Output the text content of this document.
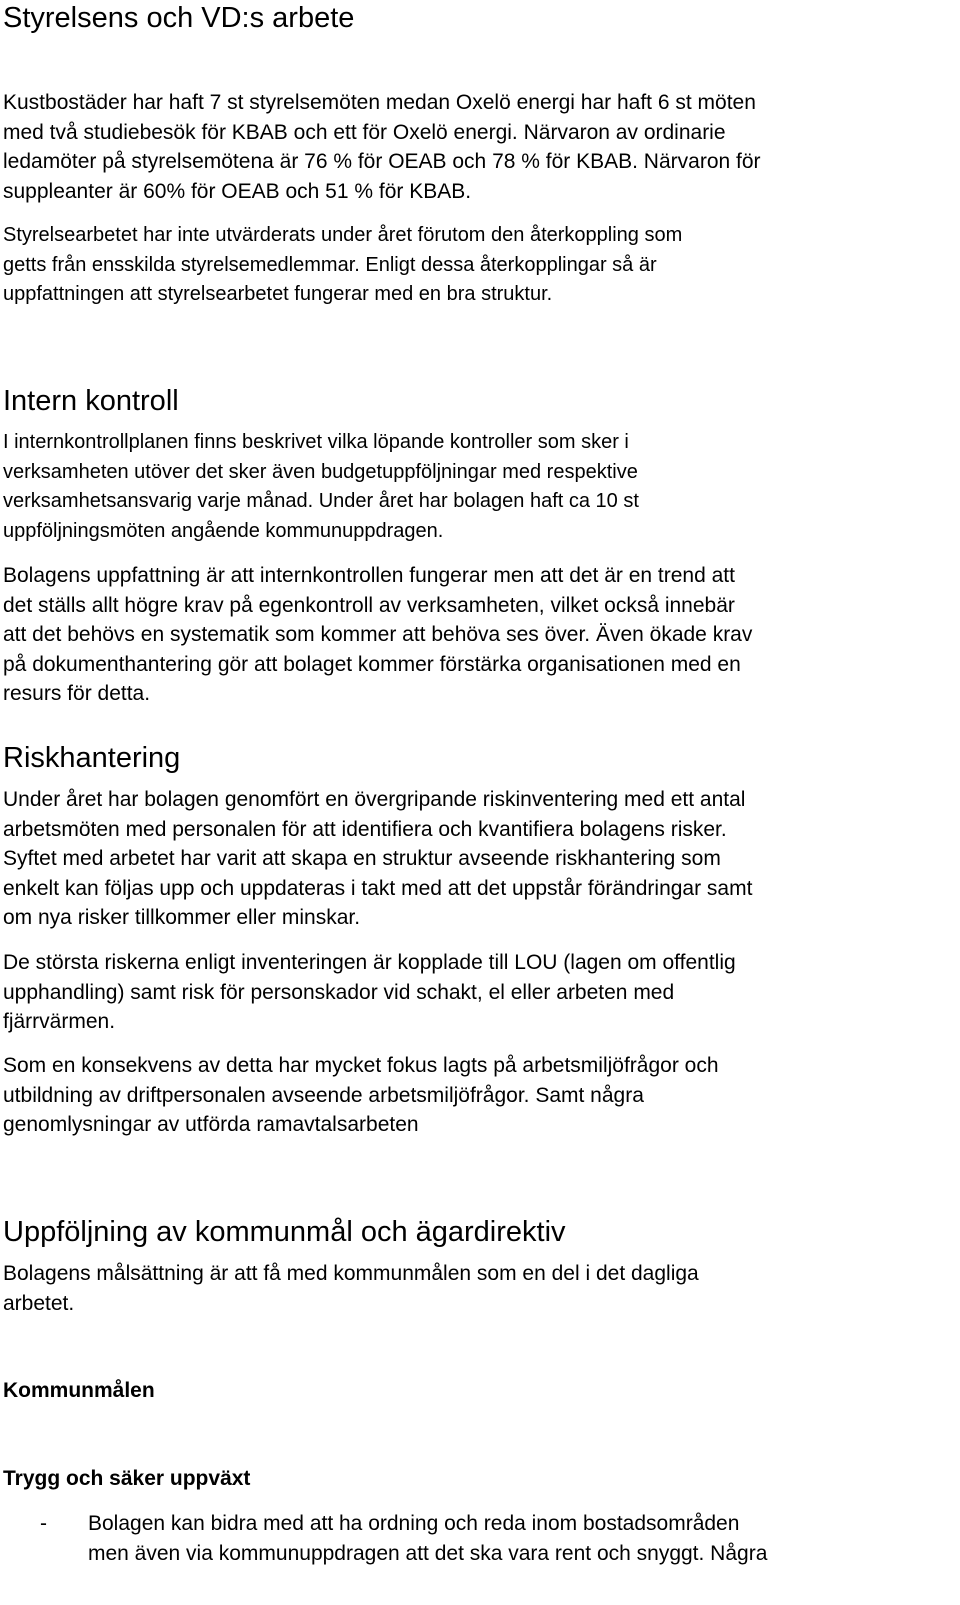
Styrelsens och VD:s arbete
Kustbostäder har haft 7 st styrelsemöten medan Oxelö energi har haft 6 st möten
med två studiebesök för KBAB och ett för Oxelö energi. Närvaron av ordinarie
ledamöter på styrelsemötena är 76 % för OEAB och 78 % för KBAB. Närvaron för
suppleanter är 60% för OEAB och 51 % för KBAB.
Styrelsearbetet har inte utvärderats under året förutom den återkoppling som
getts från ensskilda styrelsemedlemmar. Enligt dessa återkopplingar så är
uppfattningen att styrelsearbetet fungerar med en bra struktur.
Intern kontroll
I internkontrollplanen finns beskrivet vilka löpande kontroller som sker i
verksamheten utöver det sker även budgetuppföljningar med respektive
verksamhetsansvarig varje månad. Under året har bolagen haft ca 10 st
uppföljningsmöten angående kommunuppdragen.
Bolagens uppfattning är att internkontrollen fungerar men att det är en trend att
det ställs allt högre krav på egenkontroll av verksamheten, vilket också innebär
att det behövs en systematik som kommer att behöva ses över. Även ökade krav
på dokumenthantering gör att bolaget kommer förstärka organisationen med en
resurs för detta.
Riskhantering
Under året har bolagen genomfört en övergripande riskinventering med ett antal
arbetsmöten med personalen för att identifiera och kvantifiera bolagens risker.
Syftet med arbetet har varit att skapa en struktur avseende riskhantering som
enkelt kan följas upp och uppdateras i takt med att det uppstår förändringar samt
om nya risker tillkommer eller minskar.
De största riskerna enligt inventeringen är kopplade till LOU (lagen om offentlig
upphandling) samt risk för personskador vid schakt, el eller arbeten med
fjärrvärmen.
Som en konsekvens av detta har mycket fokus lagts på arbetsmiljöfrågor och
utbildning av driftpersonalen avseende arbetsmiljöfrågor. Samt några
genomlysningar av utförda ramavtalsarbeten
Uppföljning av kommunmål och ägardirektiv
Bolagens målsättning är att få med kommunmålen som en del i det dagliga
arbetet.
Kommunmålen
Trygg och säker uppväxt
- Bolagen kan bidra med att ha ordning och reda inom bostadsområden
men även via kommunuppdragen att det ska vara rent och snyggt. Några
